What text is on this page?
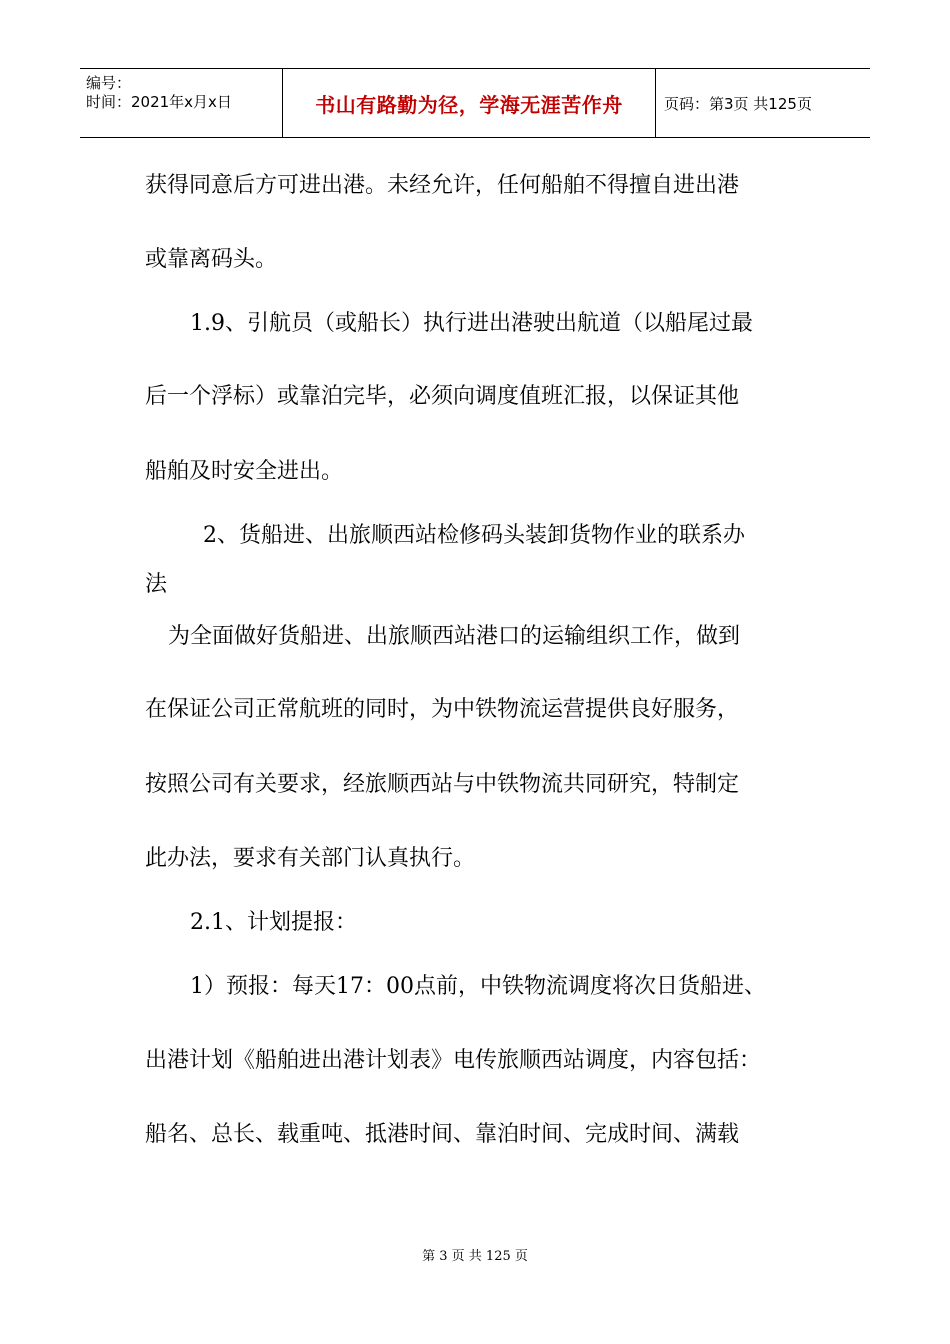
编号：
时间：2021年x月x日	书山有路勤为径，学海无涯苦作舟	页码：第3页 共125页
获得同意后方可进出港。未经允许，任何船舶不得擅自进出港
或靠离码头。
1.9、引航员（或船长）执行进出港驶出航道（以船尾过最
后一个浮标）或靠泊完毕，必须向调度值班汇报，以保证其他
船舶及时安全进出。
2、货船进、出旅顺西站检修码头装卸货物作业的联系办
法
为全面做好货船进、出旅顺西站港口的运输组织工作，做到
在保证公司正常航班的同时，为中铁物流运营提供良好服务，
按照公司有关要求，经旅顺西站与中铁物流共同研究，特制定
此办法，要求有关部门认真执行。
2.1、计划提报：
1）预报：每天17：00点前，中铁物流调度将次日货船进、
出港计划《船舶进出港计划表》电传旅顺西站调度，内容包括：
船名、总长、载重吨、抵港时间、靠泊时间、完成时间、满载
第 3 页 共 125 页
